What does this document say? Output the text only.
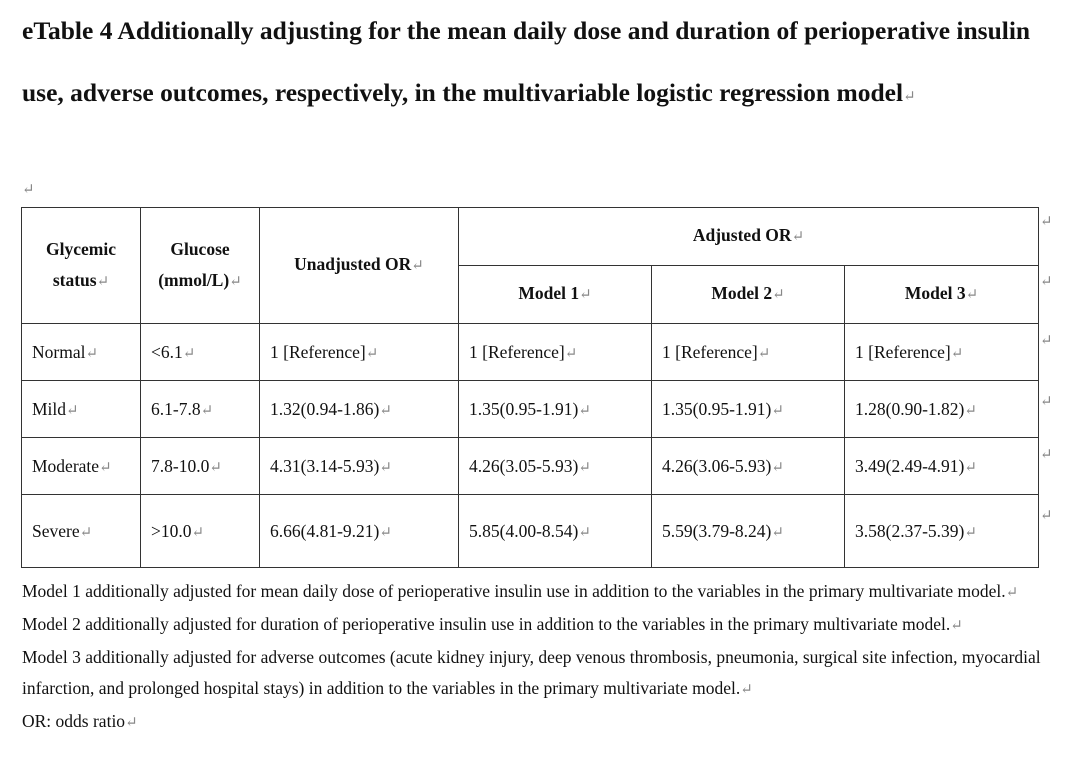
eTable 4 Additionally adjusting for the mean daily dose and duration of perioperative insulin use, adverse outcomes, respectively, in the multivariable logistic regression model↵
↵
Glycemic status↵	Glucose (mmol/L)↵	Unadjusted OR↵	Adjusted OR↵		
			Model 1↵	Model 2↵	Model 3↵
Normal↵	<6.1↵	1 [Reference]↵	1 [Reference]↵	1 [Reference]↵	1 [Reference]↵
Mild↵	6.1-7.8↵	1.32(0.94-1.86)↵	1.35(0.95-1.91)↵	1.35(0.95-1.91)↵	1.28(0.90-1.82)↵
Moderate↵	7.8-10.0↵	4.31(3.14-5.93)↵	4.26(3.05-5.93)↵	4.26(3.06-5.93)↵	3.49(2.49-4.91)↵
Severe↵	>10.0↵	6.66(4.81-9.21)↵	5.85(4.00-8.54)↵	5.59(3.79-8.24)↵	3.58(2.37-5.39)↵
↵
↵
↵
↵
↵
↵

Model 1 additionally adjusted for mean daily dose of perioperative insulin use in addition to the variables in the primary multivariate model.↵

Model 2 additionally adjusted for duration of perioperative insulin use in addition to the variables in the primary multivariate model.↵

Model 3 additionally adjusted for adverse outcomes (acute kidney injury, deep venous thrombosis, pneumonia, surgical site infection, myocardial infarction, and prolonged hospital stays) in addition to the variables in the primary multivariate model.↵

OR: odds ratio↵
